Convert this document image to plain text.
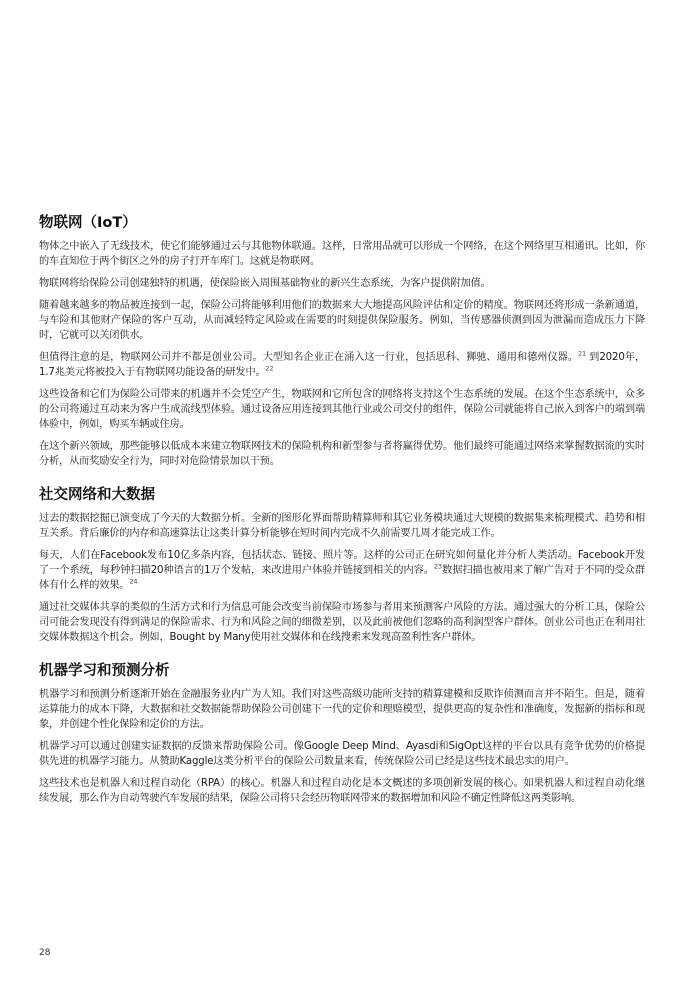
物联网（IoT）

物体之中嵌入了无线技术，使它们能够通过云与其他物体联通。这样，日常用品就可以形成一个网络，在这个网络里互相通讯。比如，你的车直知位于两个街区之外的房子打开车库门。这就是物联网。

物联网将给保险公司创建独特的机遇，使保险嵌入周围基础物业的新兴生态系统，为客户提供附加值。

随着越来越多的物品被连接到一起，保险公司将能够利用他们的数据来大大地提高风险评估和定价的精度。物联网还将形成一条新通道，与车险和其他财产保险的客户互动，从而减轻特定风险或在需要的时刻提供保险服务。例如，当传感器侦测到因为泄漏而造成压力下降时，它就可以关闭供水。

但值得注意的是，物联网公司并不都是创业公司。大型知名企业正在涌入这一行业，包括思科、狮驰、通用和德州仪器。$^{21}$ 到2020年，1.7兆美元将被投入于有物联网功能设备的研发中。$^{22}$

这些设备和它们为保险公司带来的机遇并不会凭空产生，物联网和它所包含的网络将支持这个生态系统的发展。在这个生态系统中，众多的公司将通过互动来为客户生成流线型体验。通过设备应用连接到其他行业或公司交付的组件，保险公司就能将自己嵌入到客户的端到端体验中，例如，购买车辆或住房。

在这个新兴领域，那些能够以低成本来建立物联网技术的保险机构和新型参与者将赢得优势。他们最终可能通过网络来掌握数据流的实时分析，从而奖励安全行为，同时对危险情景加以干预。

社交网络和大数据

过去的数据挖掘已演变成了今天的大数据分析。全新的图形化界面帮助精算师和其它业务模块通过大规模的数据集来梳理模式、趋势和相互关系。背后廉价的内存和高速算法让这类计算分析能够在短时间内完成不久前需要几周才能完成工作。

每天，人们在Facebook发布10亿多条内容，包括状态、链接、照片等。这样的公司正在研究如何量化并分析人类活动。Facebook开发了一个系统，每秒钟扫描20种语言的1万个发帖，来改进用户体验并链接到相关的内容。$^{23}$数据扫描也被用来了解广告对于不同的受众群体有什么样的效果。$^{24}$

通过社交媒体共享的类似的生活方式和行为信息可能会改变当前保险市场参与者用来预测客户风险的方法。通过强大的分析工具，保险公司可能会发现没有得到满足的保险需求、行为和风险之间的细微差别，以及此前被他们忽略的高利润型客户群体。创业公司也正在利用社交媒体数据这个机会。例如，Bought by Many使用社交媒体和在线搜索来发现高盈利性客户群体。

机器学习和预测分析

机器学习和预测分析逐渐开始在金融服务业内广为人知。我们对这些高级功能所支持的精算建模和反欺诈侦测而言并不陌生。但是，随着运算能力的成本下降，大数据和社交数据能帮助保险公司创建下一代的定价和理赔模型，提供更高的复杂性和准确度，发掘新的指标和现象，并创建个性化保险和定价的方法。

机器学习可以通过创建实证数据的反馈来帮助保险公司。像Google Deep Mind、Ayasdi和SigOpt这样的平台以具有竞争优势的价格提供先进的机器学习能力。从赞助Kaggle这类分析平台的保险公司数量来看，传统保险公司已经是这些技术最忠实的用户。

这些技术也是机器人和过程自动化（RPA）的核心。机器人和过程自动化是本文概述的多项创新发展的核心。如果机器人和过程自动化继续发展，那么作为自动驾驶汽车发展的结果，保险公司将只会经历物联网带来的数据增加和风险不确定性降低这两类影响。

28
